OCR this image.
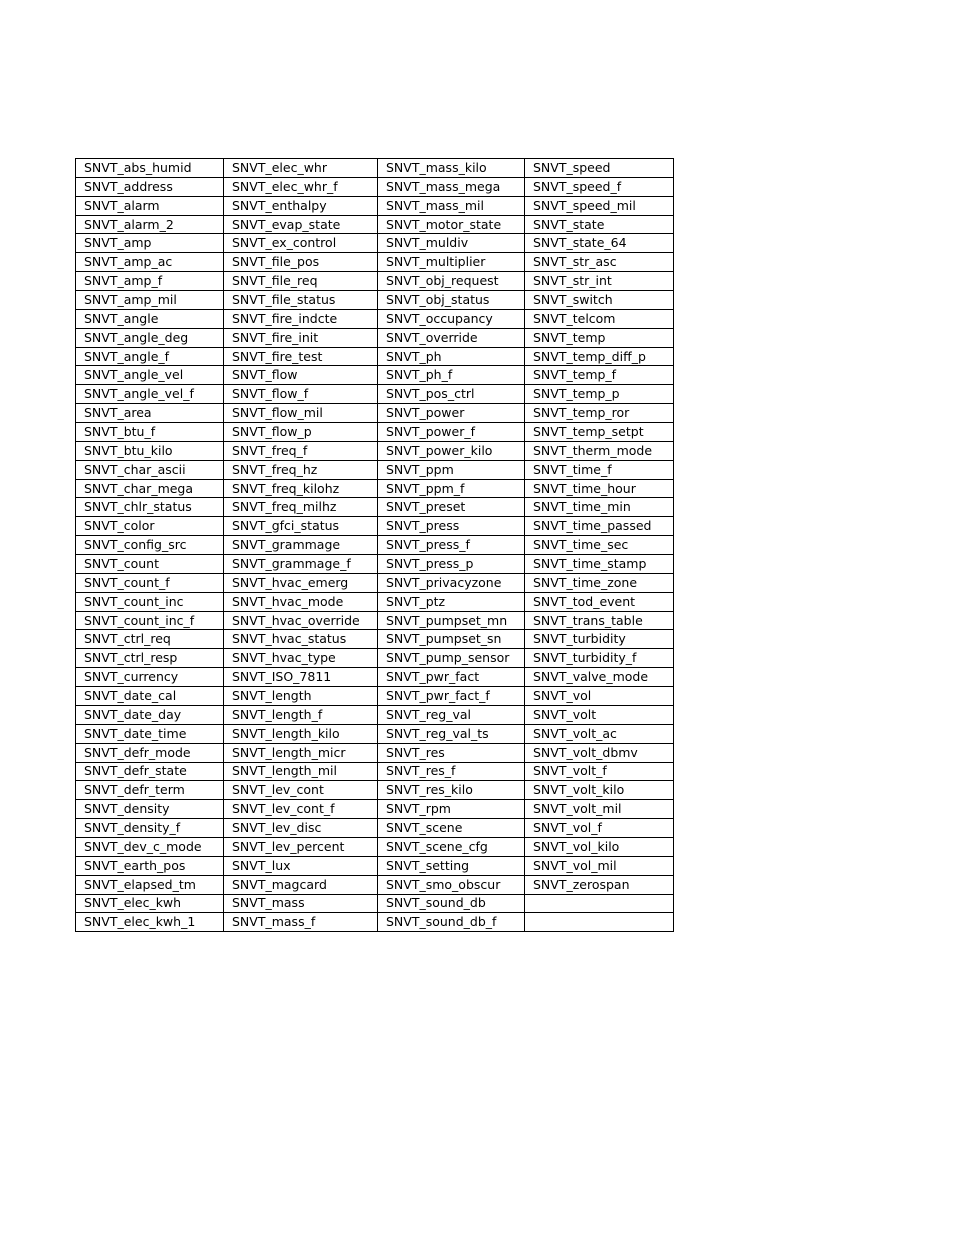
SNVT_abs_humid	SNVT_elec_whr	SNVT_mass_kilo	SNVT_speed
SNVT_address	SNVT_elec_whr_f	SNVT_mass_mega	SNVT_speed_f
SNVT_alarm	SNVT_enthalpy	SNVT_mass_mil	SNVT_speed_mil
SNVT_alarm_2	SNVT_evap_state	SNVT_motor_state	SNVT_state
SNVT_amp	SNVT_ex_control	SNVT_muldiv	SNVT_state_64
SNVT_amp_ac	SNVT_file_pos	SNVT_multiplier	SNVT_str_asc
SNVT_amp_f	SNVT_file_req	SNVT_obj_request	SNVT_str_int
SNVT_amp_mil	SNVT_file_status	SNVT_obj_status	SNVT_switch
SNVT_angle	SNVT_fire_indcte	SNVT_occupancy	SNVT_telcom
SNVT_angle_deg	SNVT_fire_init	SNVT_override	SNVT_temp
SNVT_angle_f	SNVT_fire_test	SNVT_ph	SNVT_temp_diff_p
SNVT_angle_vel	SNVT_flow	SNVT_ph_f	SNVT_temp_f
SNVT_angle_vel_f	SNVT_flow_f	SNVT_pos_ctrl	SNVT_temp_p
SNVT_area	SNVT_flow_mil	SNVT_power	SNVT_temp_ror
SNVT_btu_f	SNVT_flow_p	SNVT_power_f	SNVT_temp_setpt
SNVT_btu_kilo	SNVT_freq_f	SNVT_power_kilo	SNVT_therm_mode
SNVT_char_ascii	SNVT_freq_hz	SNVT_ppm	SNVT_time_f
SNVT_char_mega	SNVT_freq_kilohz	SNVT_ppm_f	SNVT_time_hour
SNVT_chlr_status	SNVT_freq_milhz	SNVT_preset	SNVT_time_min
SNVT_color	SNVT_gfci_status	SNVT_press	SNVT_time_passed
SNVT_config_src	SNVT_grammage	SNVT_press_f	SNVT_time_sec
SNVT_count	SNVT_grammage_f	SNVT_press_p	SNVT_time_stamp
SNVT_count_f	SNVT_hvac_emerg	SNVT_privacyzone	SNVT_time_zone
SNVT_count_inc	SNVT_hvac_mode	SNVT_ptz	SNVT_tod_event
SNVT_count_inc_f	SNVT_hvac_override	SNVT_pumpset_mn	SNVT_trans_table
SNVT_ctrl_req	SNVT_hvac_status	SNVT_pumpset_sn	SNVT_turbidity
SNVT_ctrl_resp	SNVT_hvac_type	SNVT_pump_sensor	SNVT_turbidity_f
SNVT_currency	SNVT_ISO_7811	SNVT_pwr_fact	SNVT_valve_mode
SNVT_date_cal	SNVT_length	SNVT_pwr_fact_f	SNVT_vol
SNVT_date_day	SNVT_length_f	SNVT_reg_val	SNVT_volt
SNVT_date_time	SNVT_length_kilo	SNVT_reg_val_ts	SNVT_volt_ac
SNVT_defr_mode	SNVT_length_micr	SNVT_res	SNVT_volt_dbmv
SNVT_defr_state	SNVT_length_mil	SNVT_res_f	SNVT_volt_f
SNVT_defr_term	SNVT_lev_cont	SNVT_res_kilo	SNVT_volt_kilo
SNVT_density	SNVT_lev_cont_f	SNVT_rpm	SNVT_volt_mil
SNVT_density_f	SNVT_lev_disc	SNVT_scene	SNVT_vol_f
SNVT_dev_c_mode	SNVT_lev_percent	SNVT_scene_cfg	SNVT_vol_kilo
SNVT_earth_pos	SNVT_lux	SNVT_setting	SNVT_vol_mil
SNVT_elapsed_tm	SNVT_magcard	SNVT_smo_obscur	SNVT_zerospan
SNVT_elec_kwh	SNVT_mass	SNVT_sound_db	
SNVT_elec_kwh_1	SNVT_mass_f	SNVT_sound_db_f	
